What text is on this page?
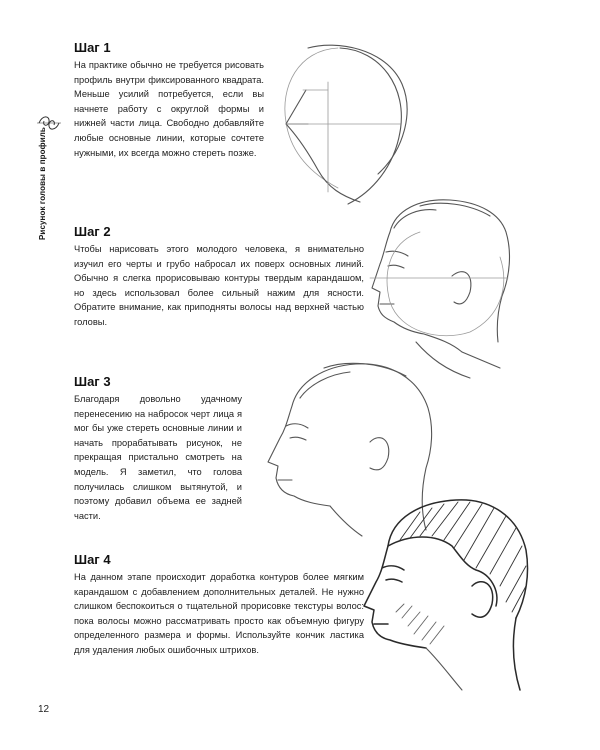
Рисунок головы в профиль
Шаг 1

На практике обычно не требуется рисовать профиль внутри фиксированного квадрата. Меньше усилий потребуется, если вы начнете работу с округлой формы и нижней части лица. Свободно добавляйте любые основные линии, которые сочтете нужными, их всегда можно стереть позже.

Шаг 2

Чтобы нарисовать этого молодого человека, я внимательно изучил его черты и грубо набросал их поверх основных линий. Обычно я слегка прорисовываю контуры твердым карандашом, но здесь использовал более сильный нажим для ясности. Обратите внимание, как приподняты волосы над верхней частью головы.

Шаг 3

Благодаря довольно удачному перенесению на набросок черт лица я мог бы уже стереть основные линии и начать прорабатывать рисунок, не прекращая пристально смотреть на модель. Я заметил, что голова получилась слишком вытянутой, и поэтому добавил объема ее задней части.

Шаг 4

На данном этапе происходит доработка контуров более мягким карандашом с добавлением дополнительных деталей. Не нужно слишком беспокоиться о тщательной прорисовке текстуры волос: пока волосы можно рассматривать просто как объемную фигуру определенного размера и формы. Используйте кончик ластика для удаления любых ошибочных штрихов.

12
